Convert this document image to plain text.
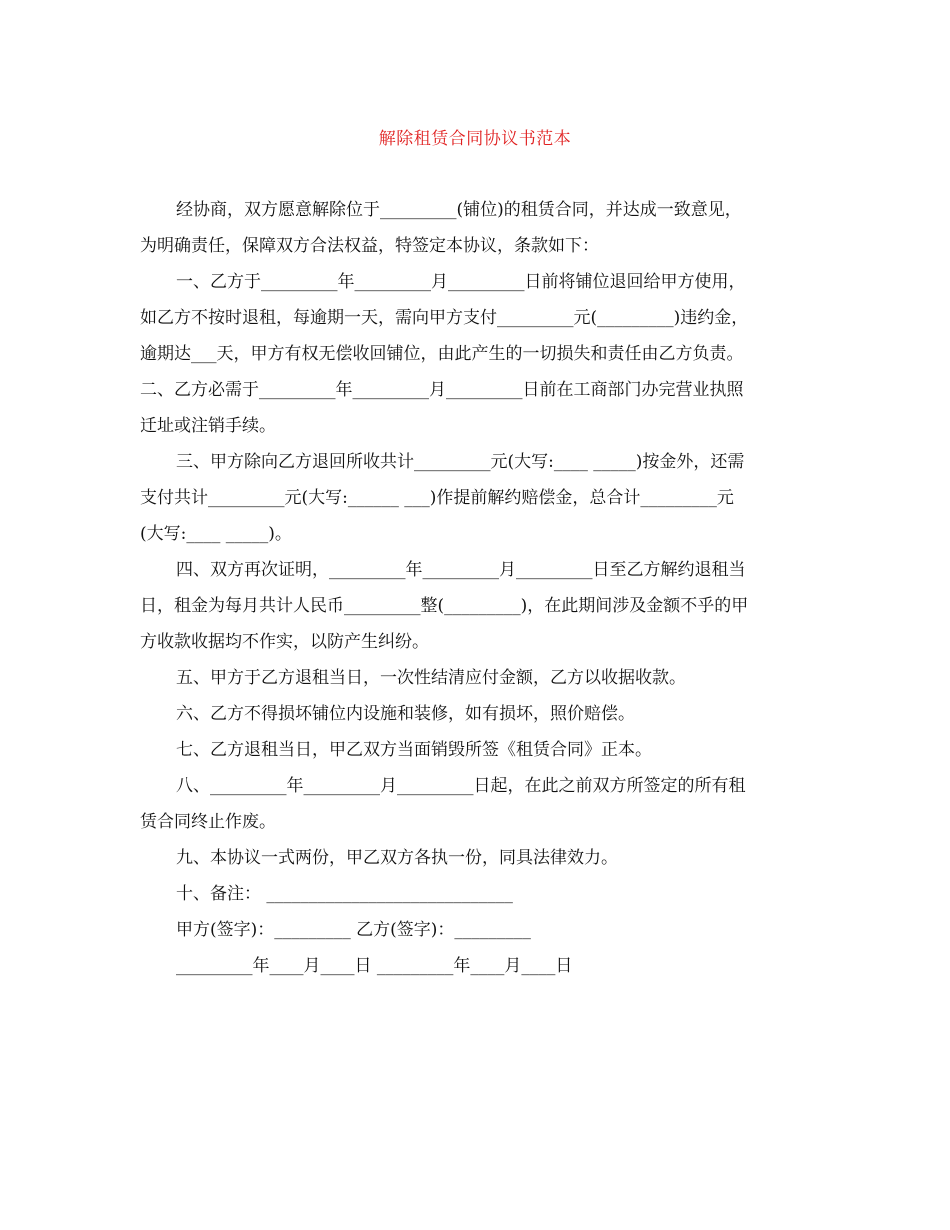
解除租赁合同协议书范本
经协商，双方愿意解除位于_________(铺位)的租赁合同，并达成一致意见，
为明确责任，保障双方合法权益，特签定本协议，条款如下：
一、乙方于_________年_________月_________日前将铺位退回给甲方使用，
如乙方不按时退租，每逾期一天，需向甲方支付_________元(_________)违约金，
逾期达___天，甲方有权无偿收回铺位，由此产生的一切损失和责任由乙方负责。
二、乙方必需于_________年_________月_________日前在工商部门办完营业执照
迁址或注销手续。
三、甲方除向乙方退回所收共计_________元(大写:____ _____)按金外，还需
支付共计_________元(大写:______ ___)作提前解约赔偿金，总合计_________元
(大写:____ _____)。
四、双方再次证明，_________年_________月_________日至乙方解约退租当
日，租金为每月共计人民币_________整(_________)，在此期间涉及金额不乎的甲
方收款收据均不作实，以防产生纠纷。
五、甲方于乙方退租当日，一次性结清应付金额，乙方以收据收款。
六、乙方不得损坏铺位内设施和装修，如有损坏，照价赔偿。
七、乙方退租当日，甲乙双方当面销毁所签《租赁合同》正本。
八、_________年_________月_________日起，在此之前双方所签定的所有租
赁合同终止作废。
九、本协议一式两份，甲乙双方各执一份，同具法律效力。
十、备注： _____________________________
甲方(签字)：_________ 乙方(签字)：_________
_________年____月____日 _________年____月____日
